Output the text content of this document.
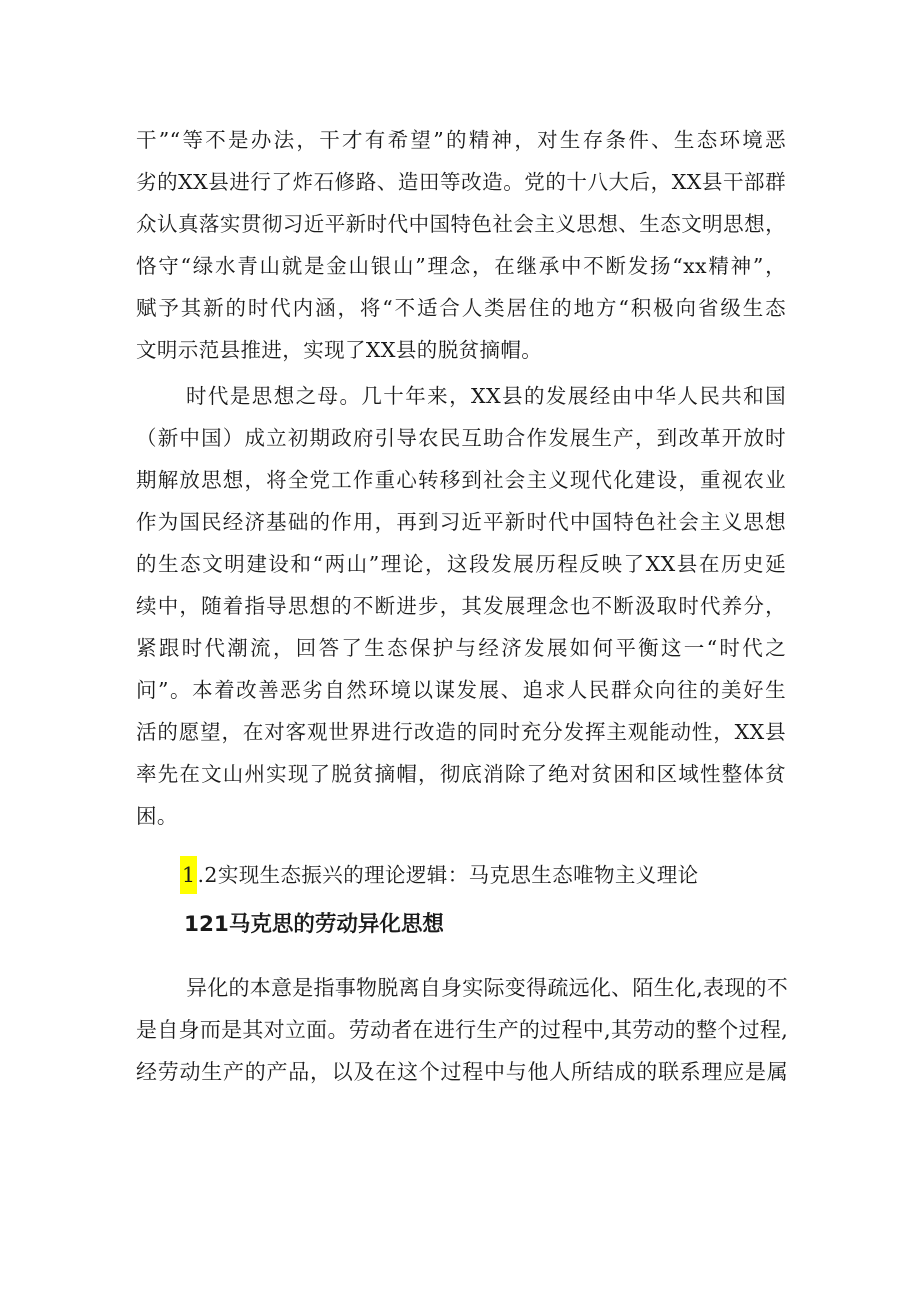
干”“等不是办法，干才有希望”的精神，对生存条件、生态环境恶
劣的XX县进行了炸石修路、造田等改造。党的十八大后，XX县干部群
众认真落实贯彻习近平新时代中国特色社会主义思想、生态文明思想，
恪守“绿水青山就是金山银山”理念，在继承中不断发扬“xx精神”，
赋予其新的时代内涵，将“不适合人类居住的地方“积极向省级生态
文明示范县推进，实现了XX县的脱贫摘帽。
时代是思想之母。几十年来，XX县的发展经由中华人民共和国
（新中国）成立初期政府引导农民互助合作发展生产，到改革开放时
期解放思想，将全党工作重心转移到社会主义现代化建设，重视农业
作为国民经济基础的作用，再到习近平新时代中国特色社会主义思想
的生态文明建设和“两山”理论，这段发展历程反映了XX县在历史延
续中，随着指导思想的不断进步，其发展理念也不断汲取时代养分，
紧跟时代潮流，回答了生态保护与经济发展如何平衡这一“时代之
问”。本着改善恶劣自然环境以谋发展、追求人民群众向往的美好生
活的愿望，在对客观世界进行改造的同时充分发挥主观能动性，XX县
率先在文山州实现了脱贫摘帽，彻底消除了绝对贫困和区域性整体贫
困。
1.2实现生态振兴的理论逻辑：马克思生态唯物主义理论
121马克思的劳动异化思想
异化的本意是指事物脱离自身实际变得疏远化、陌生化,表现的不
是自身而是其对立面。劳动者在进行生产的过程中,其劳动的整个过程,
经劳动生产的产品，以及在这个过程中与他人所结成的联系理应是属
